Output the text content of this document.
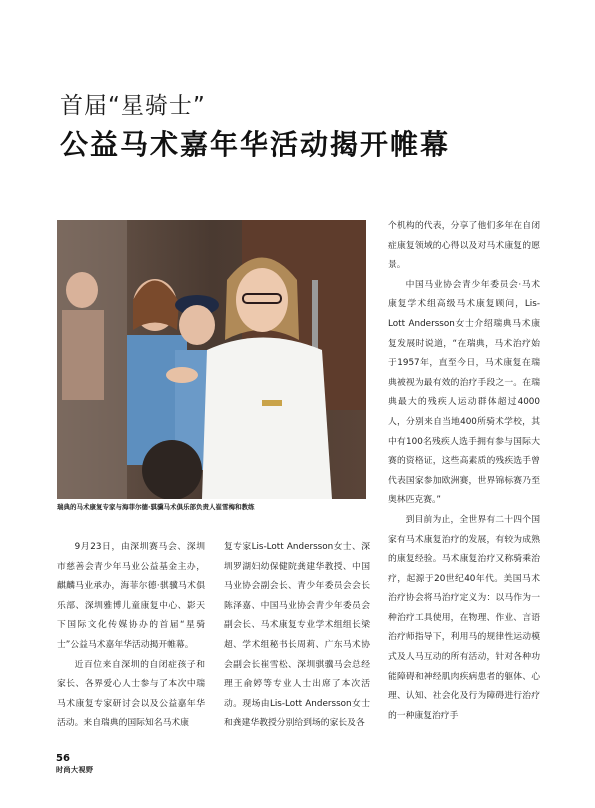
首届“星骑士”
公益马术嘉年华活动揭开帷幕
瑞典的马术康复专家与海菲尔德·骐骥马术俱乐部负责人崔雪梅和教练

9月23日，由深圳赛马会、深圳市慈善会青少年马业公益基金主办，麒麟马业承办，海菲尔德·骐骥马术俱乐部、深圳雅博儿童康复中心、影天下国际文化传媒协办的首届“星骑士”公益马术嘉年华活动揭开帷幕。

近百位来自深圳的自闭症孩子和家长、各界爱心人士参与了本次中瑞马术康复专家研讨会以及公益嘉年华活动。来自瑞典的国际知名马术康

复专家Lis-Lott Andersson女士、深圳罗湖妇幼保健院龚建华教授、中国马业协会副会长、青少年委员会会长陈泽嘉、中国马业协会青少年委员会副会长、马术康复专业学术组组长梁超、学术组秘书长周莉、广东马术协会副会长崔雪松、深圳骐骥马会总经理王俞婷等专业人士出席了本次活动。现场由Lis-Lott Andersson女士和龚建华教授分别给到场的家长及各

个机构的代表，分享了他们多年在自闭症康复领域的心得以及对马术康复的愿景。

中国马业协会青少年委员会·马术康复学术组高级马术康复顾问，Lis-Lott Andersson女士介绍瑞典马术康复发展时说道，“在瑞典，马术治疗始于1957年，直至今日，马术康复在瑞典被视为最有效的治疗手段之一。在瑞典最大的残疾人运动群体超过4000人，分别来自当地400所骑术学校，其中有100名残疾人选手拥有参与国际大赛的资格证，这些高素质的残疾选手曾代表国家参加欧洲赛，世界锦标赛乃至奥林匹克赛。”

到目前为止，全世界有二十四个国家有马术康复治疗的发展，有较为成熟的康复经验。马术康复治疗又称骑乘治疗，起源于20世纪40年代。美国马术治疗协会将马治疗定义为：以马作为一种治疗工具使用，在物理、作业、言语治疗师指导下，利用马的规律性运动模式及人马互动的所有活动，针对各种功能障碍和神经肌肉疾病患者的躯体、心理、认知、社会化及行为障碍进行治疗的一种康复治疗手

56
时尚大视野
